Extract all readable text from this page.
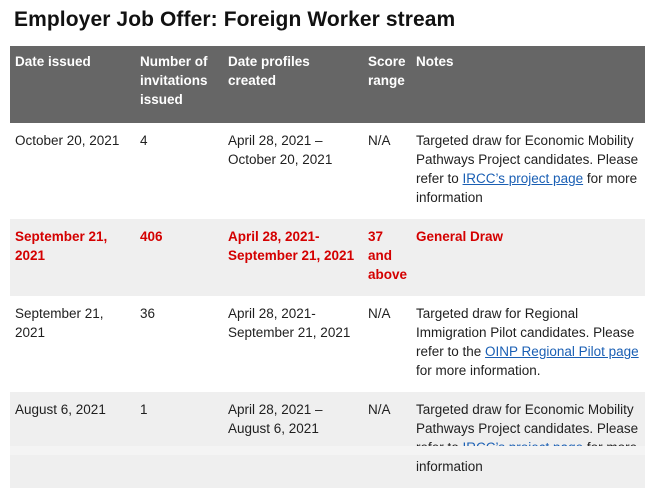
Employer Job Offer: Foreign Worker stream
Date issued	Number of invitations issued	Date profiles created	Score range	Notes
October 20, 2021	4	April 28, 2021 – October 20, 2021	N/A	Targeted draw for Economic Mobility Pathways Project candidates. Please refer to IRCC’s project page for more information
September 21, 2021	406	April 28, 2021- September 21, 2021	37 and above	General Draw
September 21, 2021	36	April 28, 2021- September 21, 2021	N/A	Targeted draw for Regional Immigration Pilot candidates. Please refer to the OINP Regional Pilot page for more information.
August 6, 2021	1	April 28, 2021 – August 6, 2021	N/A	Targeted draw for Economic Mobility Pathways Project candidates. Please information
